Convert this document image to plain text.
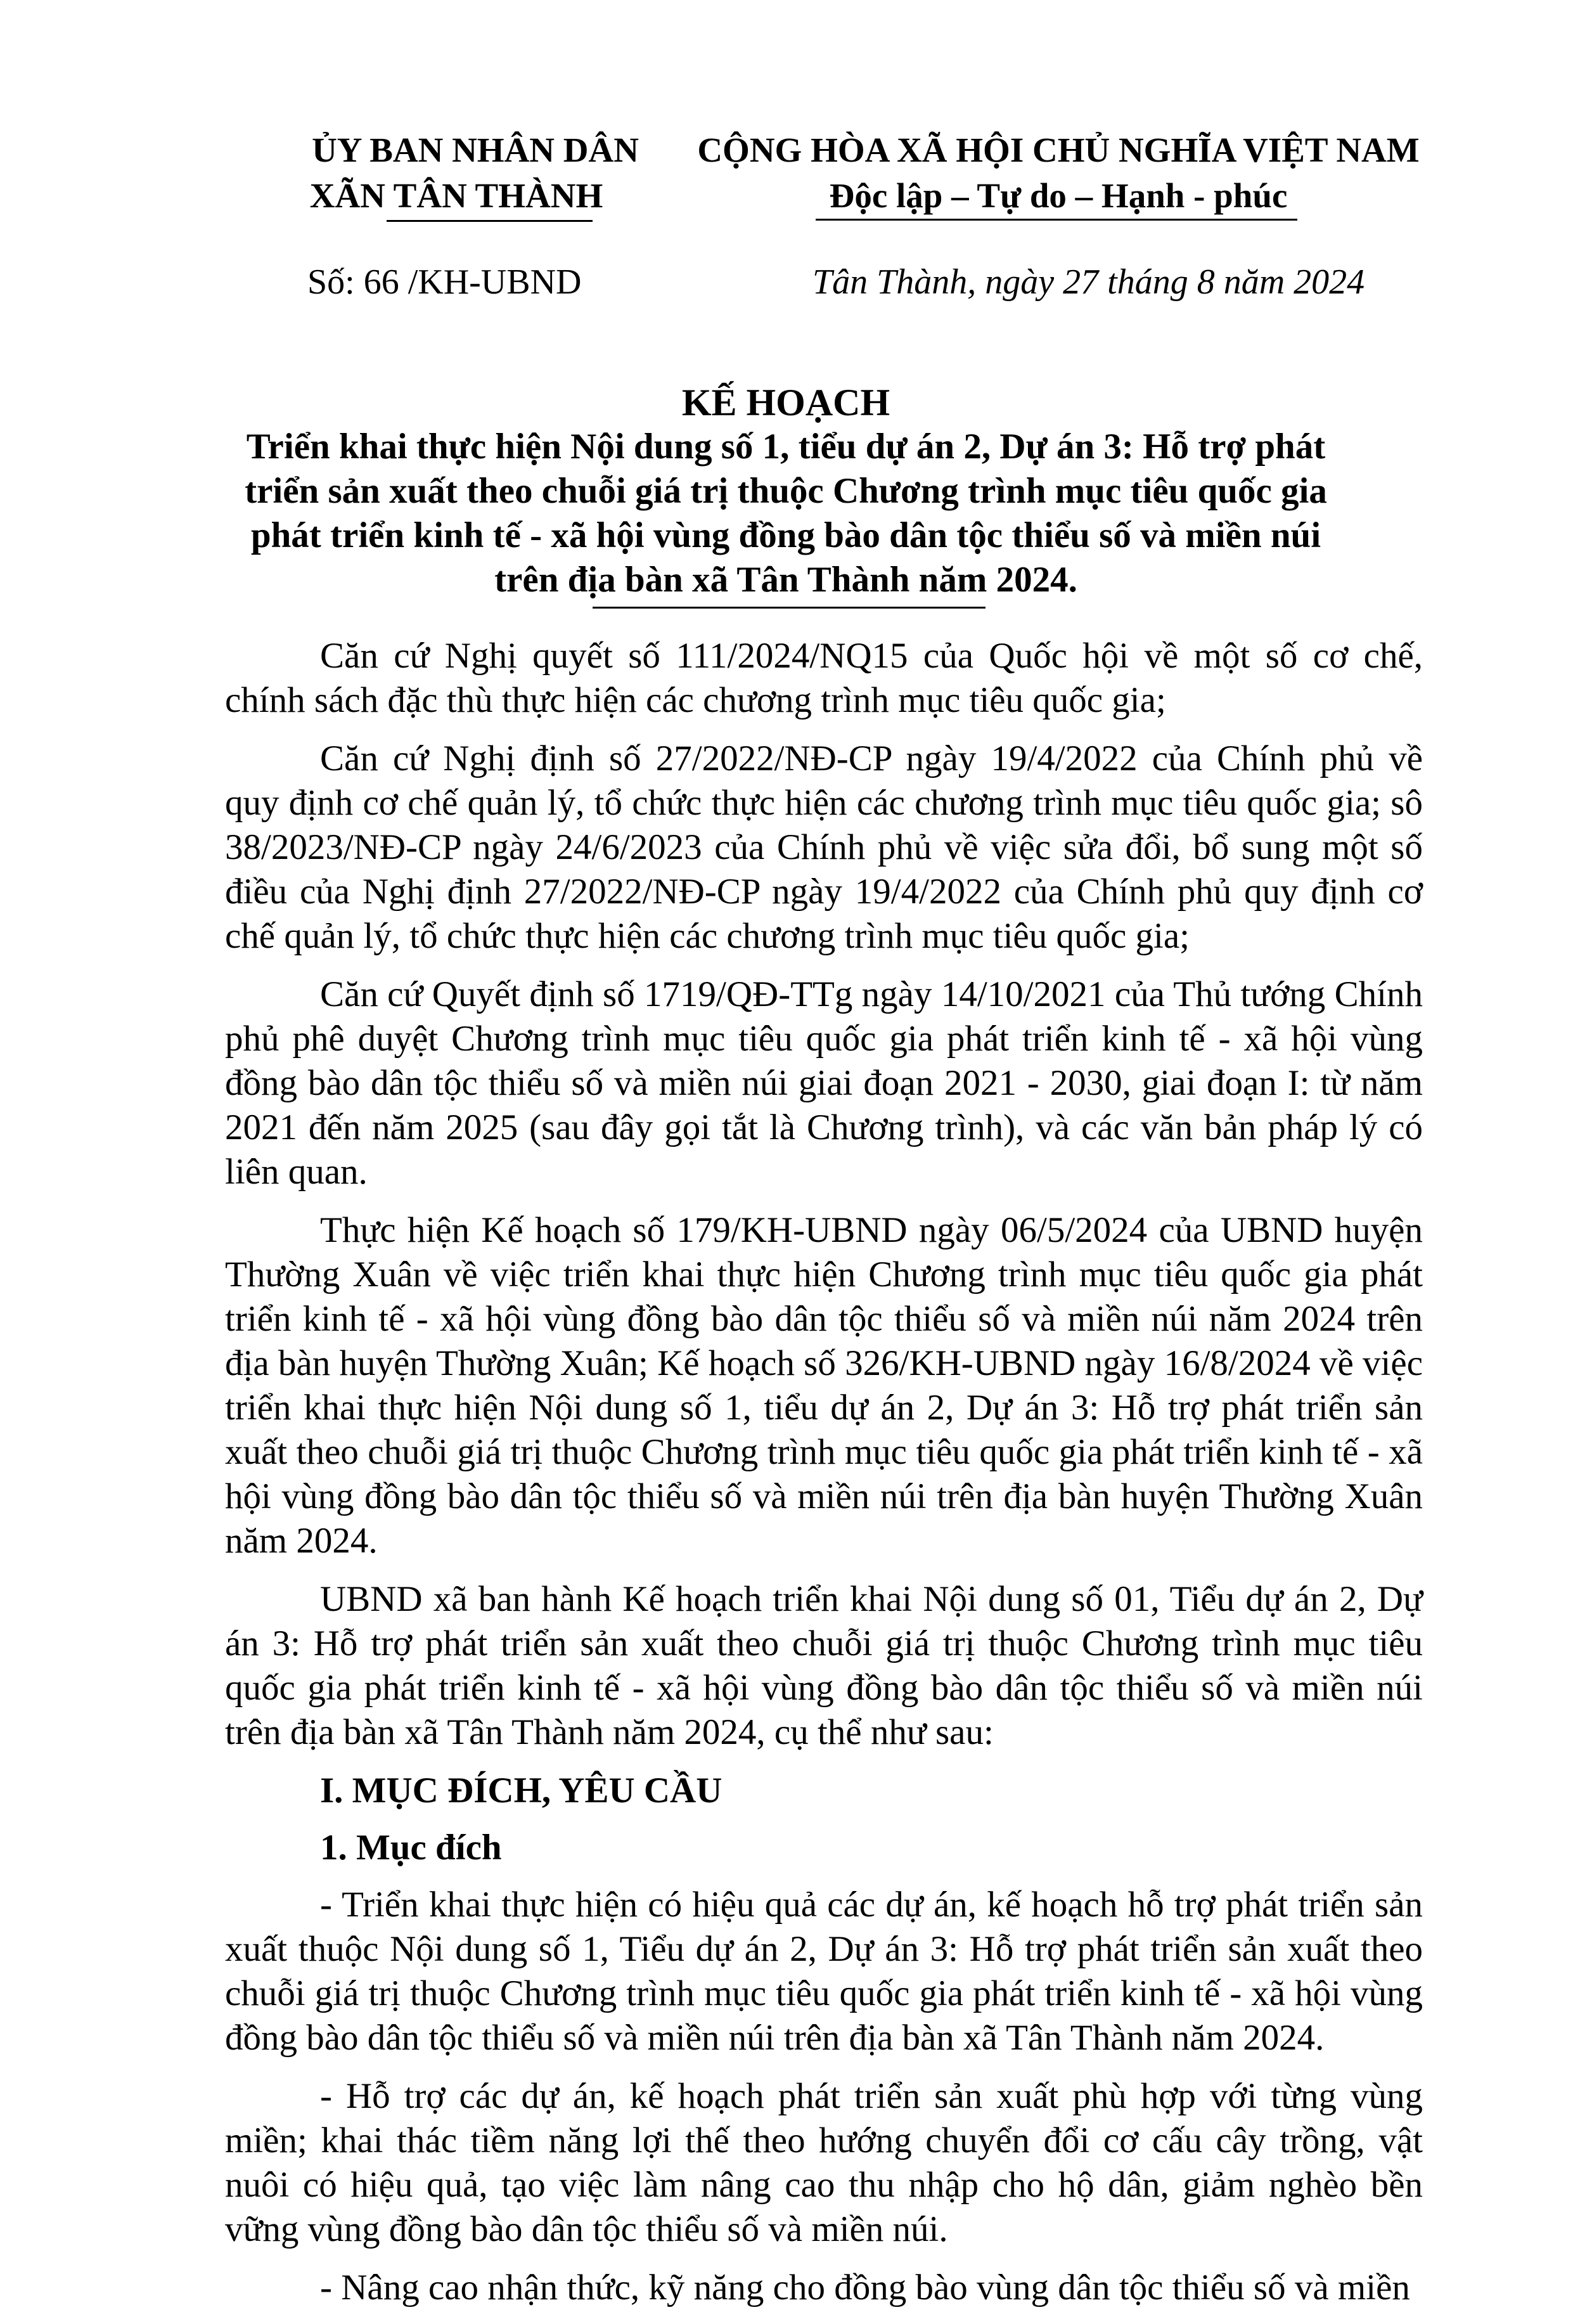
ỦY BAN NHÂN DÂN
XÃN TÂN THÀNH
CỘNG HÒA XÃ HỘI CHỦ NGHĨA VIỆT NAM
Độc lập – Tự do – Hạnh - phúc
Số: 66 /KH-UBND	Tân Thành, ngày 27 tháng 8 năm 2024
KẾ HOẠCH
Triển khai thực hiện Nội dung số 1, tiểu dự án 2, Dự án 3: Hỗ trợ phát
triển sản xuất theo chuỗi giá trị thuộc Chương trình mục tiêu quốc gia
phát triển kinh tế - xã hội vùng đồng bào dân tộc thiểu số và miền núi
trên địa bàn xã Tân Thành năm 2024.

Căn cứ Nghị quyết số 111/2024/NQ15 của Quốc hội về một số cơ chế, chính sách đặc thù thực hiện các chương trình mục tiêu quốc gia;

Căn cứ Nghị định số 27/2022/NĐ-CP ngày 19/4/2022 của Chính phủ về quy định cơ chế quản lý, tổ chức thực hiện các chương trình mục tiêu quốc gia; sô 38/2023/NĐ-CP ngày 24/6/2023 của Chính phủ về việc sửa đổi, bổ sung một số điều của Nghị định 27/2022/NĐ-CP ngày 19/4/2022 của Chính phủ quy định cơ chế quản lý, tổ chức thực hiện các chương trình mục tiêu quốc gia;

Căn cứ Quyết định số 1719/QĐ-TTg ngày 14/10/2021 của Thủ tướng Chính phủ phê duyệt Chương trình mục tiêu quốc gia phát triển kinh tế - xã hội vùng đồng bào dân tộc thiểu số và miền núi giai đoạn 2021 - 2030, giai đoạn I: từ năm 2021 đến năm 2025 (sau đây gọi tắt là Chương trình), và các văn bản pháp lý có liên quan.

Thực hiện Kế hoạch số 179/KH-UBND ngày 06/5/2024 của UBND huyện Thường Xuân về việc triển khai thực hiện Chương trình mục tiêu quốc gia phát triển kinh tế - xã hội vùng đồng bào dân tộc thiểu số và miền núi năm 2024 trên địa bàn huyện Thường Xuân; Kế hoạch số 326/KH-UBND ngày 16/8/2024 về việc triển khai thực hiện Nội dung số 1, tiểu dự án 2, Dự án 3: Hỗ trợ phát triển sản xuất theo chuỗi giá trị thuộc Chương trình mục tiêu quốc gia phát triển kinh tế - xã hội vùng đồng bào dân tộc thiểu số và miền núi trên địa bàn huyện Thường Xuân năm 2024.

UBND xã ban hành Kế hoạch triển khai Nội dung số 01, Tiểu dự án 2, Dự án 3: Hỗ trợ phát triển sản xuất theo chuỗi giá trị thuộc Chương trình mục tiêu quốc gia phát triển kinh tế - xã hội vùng đồng bào dân tộc thiểu số và miền núi trên địa bàn xã Tân Thành năm 2024, cụ thể như sau:

I. MỤC ĐÍCH, YÊU CẦU

1. Mục đích

- Triển khai thực hiện có hiệu quả các dự án, kế hoạch hỗ trợ phát triển sản xuất thuộc Nội dung số 1, Tiểu dự án 2, Dự án 3: Hỗ trợ phát triển sản xuất theo chuỗi giá trị thuộc Chương trình mục tiêu quốc gia phát triển kinh tế - xã hội vùng đồng bào dân tộc thiểu số và miền núi trên địa bàn xã Tân Thành năm 2024.

- Hỗ trợ các dự án, kế hoạch phát triển sản xuất phù hợp với từng vùng miền; khai thác tiềm năng lợi thế theo hướng chuyển đổi cơ cấu cây trồng, vật nuôi có hiệu quả, tạo việc làm nâng cao thu nhập cho hộ dân, giảm nghèo bền vững vùng đồng bào dân tộc thiểu số và miền núi.

- Nâng cao nhận thức, kỹ năng cho đồng bào vùng dân tộc thiểu số và miền
